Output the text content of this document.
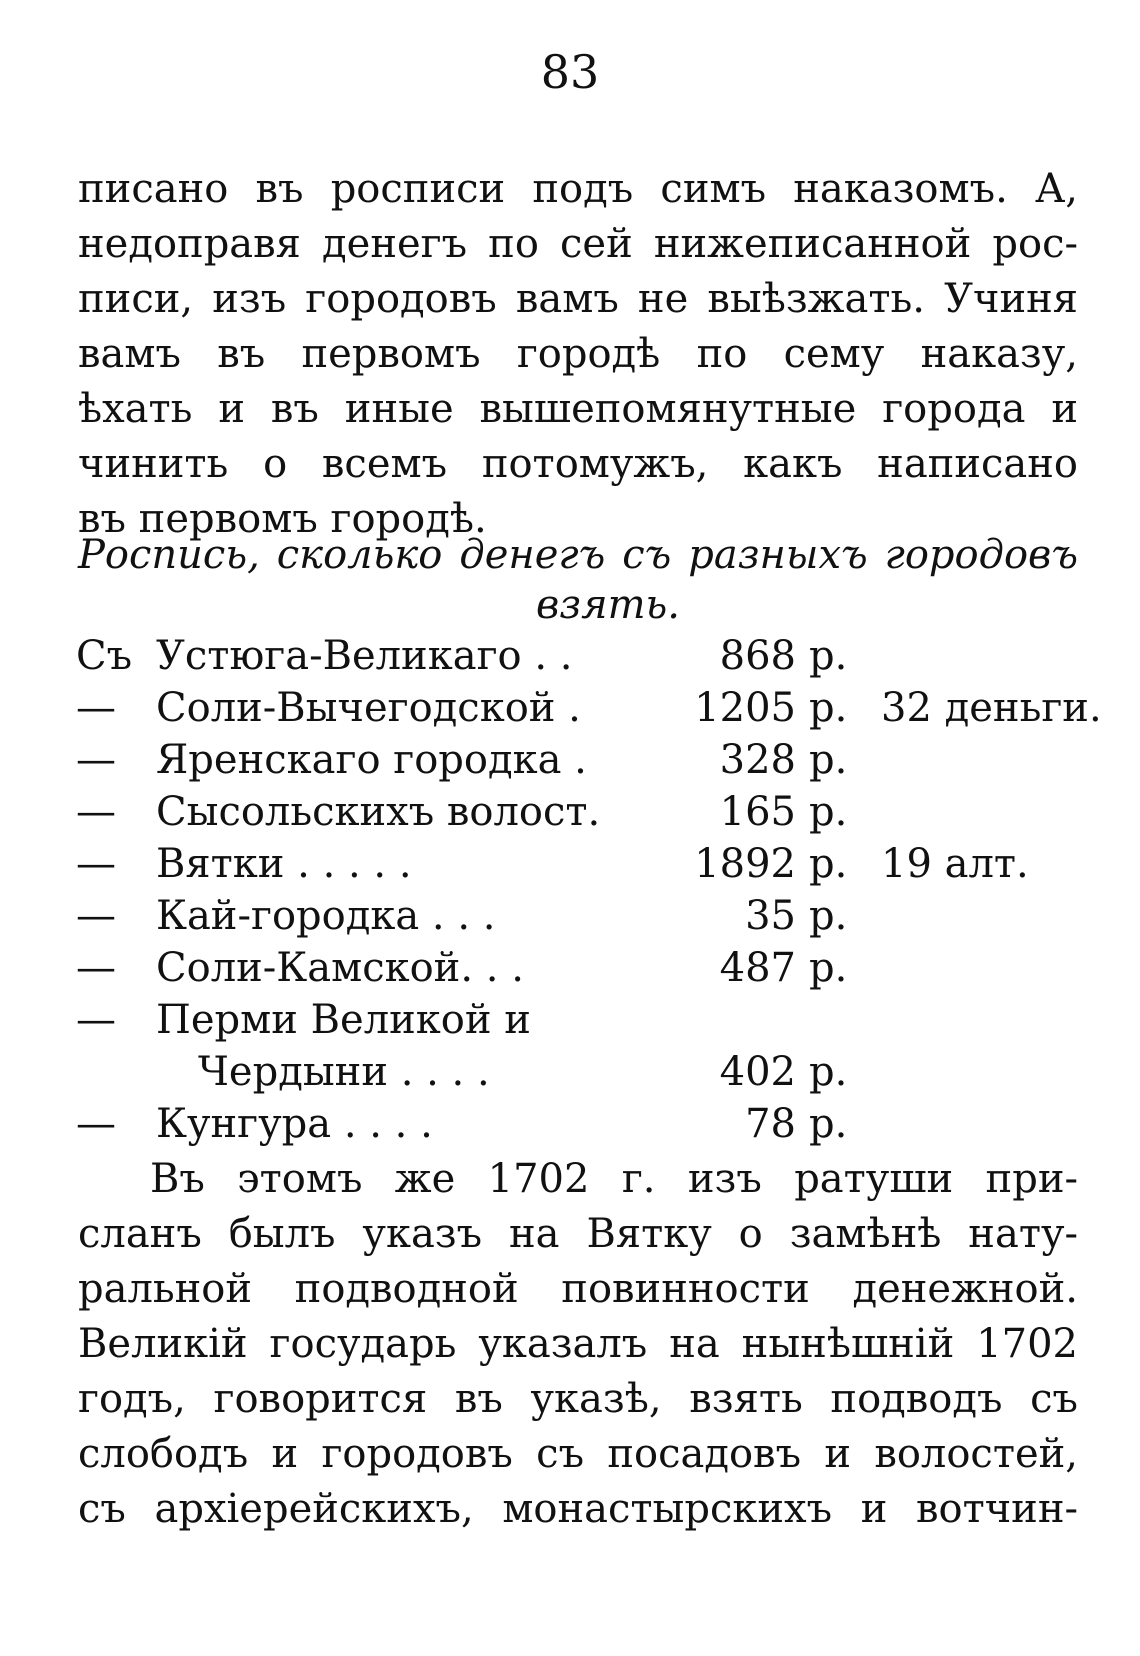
83
писано въ росписи подъ симъ наказомъ. А,
недоправя денегъ по сей нижеписанной рос-
писи, изъ городовъ вамъ не выѣзжать. Учиня
вамъ въ первомъ городѣ по сему наказу,
ѣхать и въ иные вышепомянутные города и
чинить о всемъ потомужъ, какъ написано
въ первомъ городѣ.
Роспись, сколько денегъ съ разныхъ городовъ
взять.
Съ Устюга-Великаго . .	868 р.
—	Соли-Вычегодской .	1205 р. 32 деньги.
—	Яренскаго городка .	328 р.
—	Сысольскихъ волост.	165 р.
—	Вятки . . . . .	1892 р. 19 алт.
—	Кай-городка . . .	35 р.
—	Соли-Камской. . .	487 р.
—	Перми Великой и
Чердыни . . . .	402 р.
—	Кунгура . . . .	78 р.
Въ этомъ же 1702 г. изъ ратуши при-
сланъ былъ указъ на Вятку о замѣнѣ нату-
ральной подводной повинности денежной.
Великій государь указалъ на нынѣшній 1702
годъ, говорится въ указѣ, взять подводъ съ
слободъ и городовъ съ посадовъ и волостей,
съ архіерейскихъ, монастырскихъ и вотчин-
